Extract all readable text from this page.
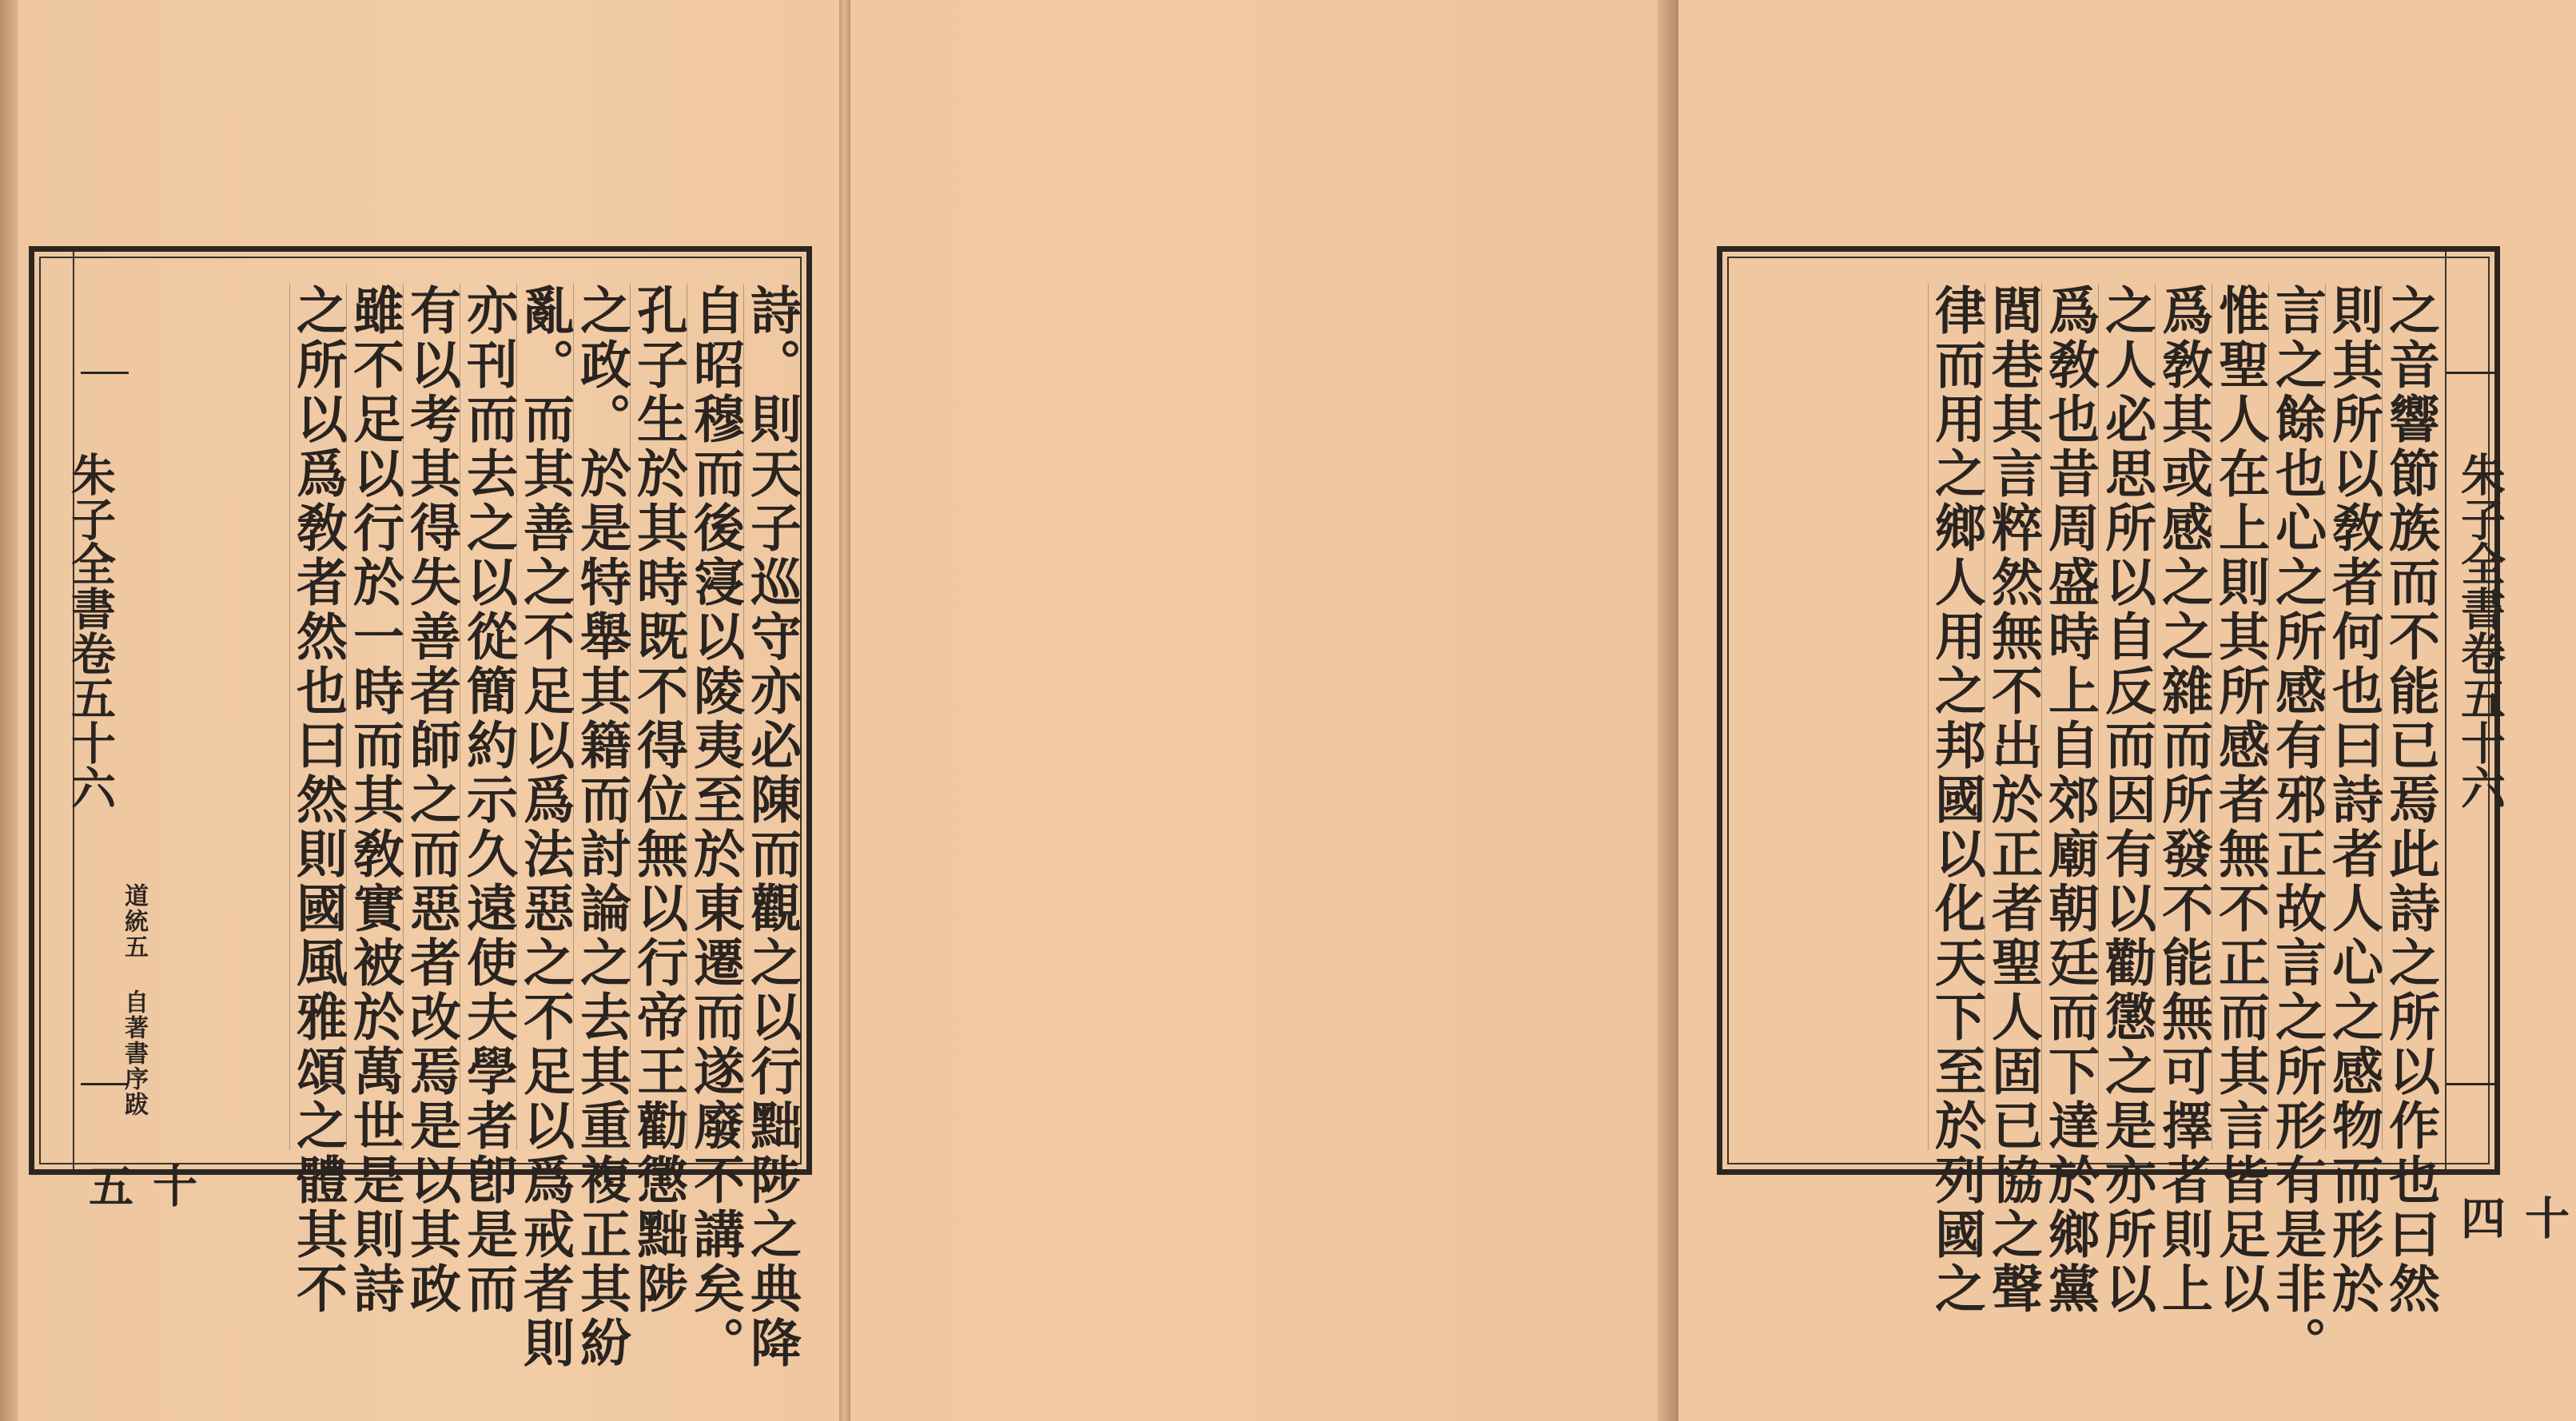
朱子全書卷五十六
道統五 自著書序跋
十五	詩。則天子巡守亦必陳而觀之以行黜陟之典降
自昭穆而後寖以陵夷至於東遷而遂廢不講矣。
孔子生於其時既不得位無以行帝王勸懲黜陟
之政。於是特舉其籍而討論之去其重複正其紛
亂。而其善之不足以爲法惡之不足以爲戒者則
亦刊而去之以從簡約示久遠使夫學者卽是而
有以考其得失善者師之而惡者改焉是以其政
雖不足以行於一時而其敎實被於萬世是則詩
之所以爲敎者然也曰然則國風雅頌之體其不	之音響節族而不能已焉此詩之所以作也曰然
則其所以敎者何也曰詩者人心之感物而形於
言之餘也心之所感有邪正故言之所形有是非。
惟聖人在上則其所感者無不正而其言皆足以
爲敎其或感之之雜而所發不能無可擇者則上
之人必思所以自反而因有以勸懲之是亦所以
爲敎也昔周盛時上自郊廟朝廷而下達於鄉黨
閭巷其言粹然無不出於正者聖人固已協之聲
律而用之鄉人用之邦國以化天下至於列國之	朱子全書卷五十六
十四
